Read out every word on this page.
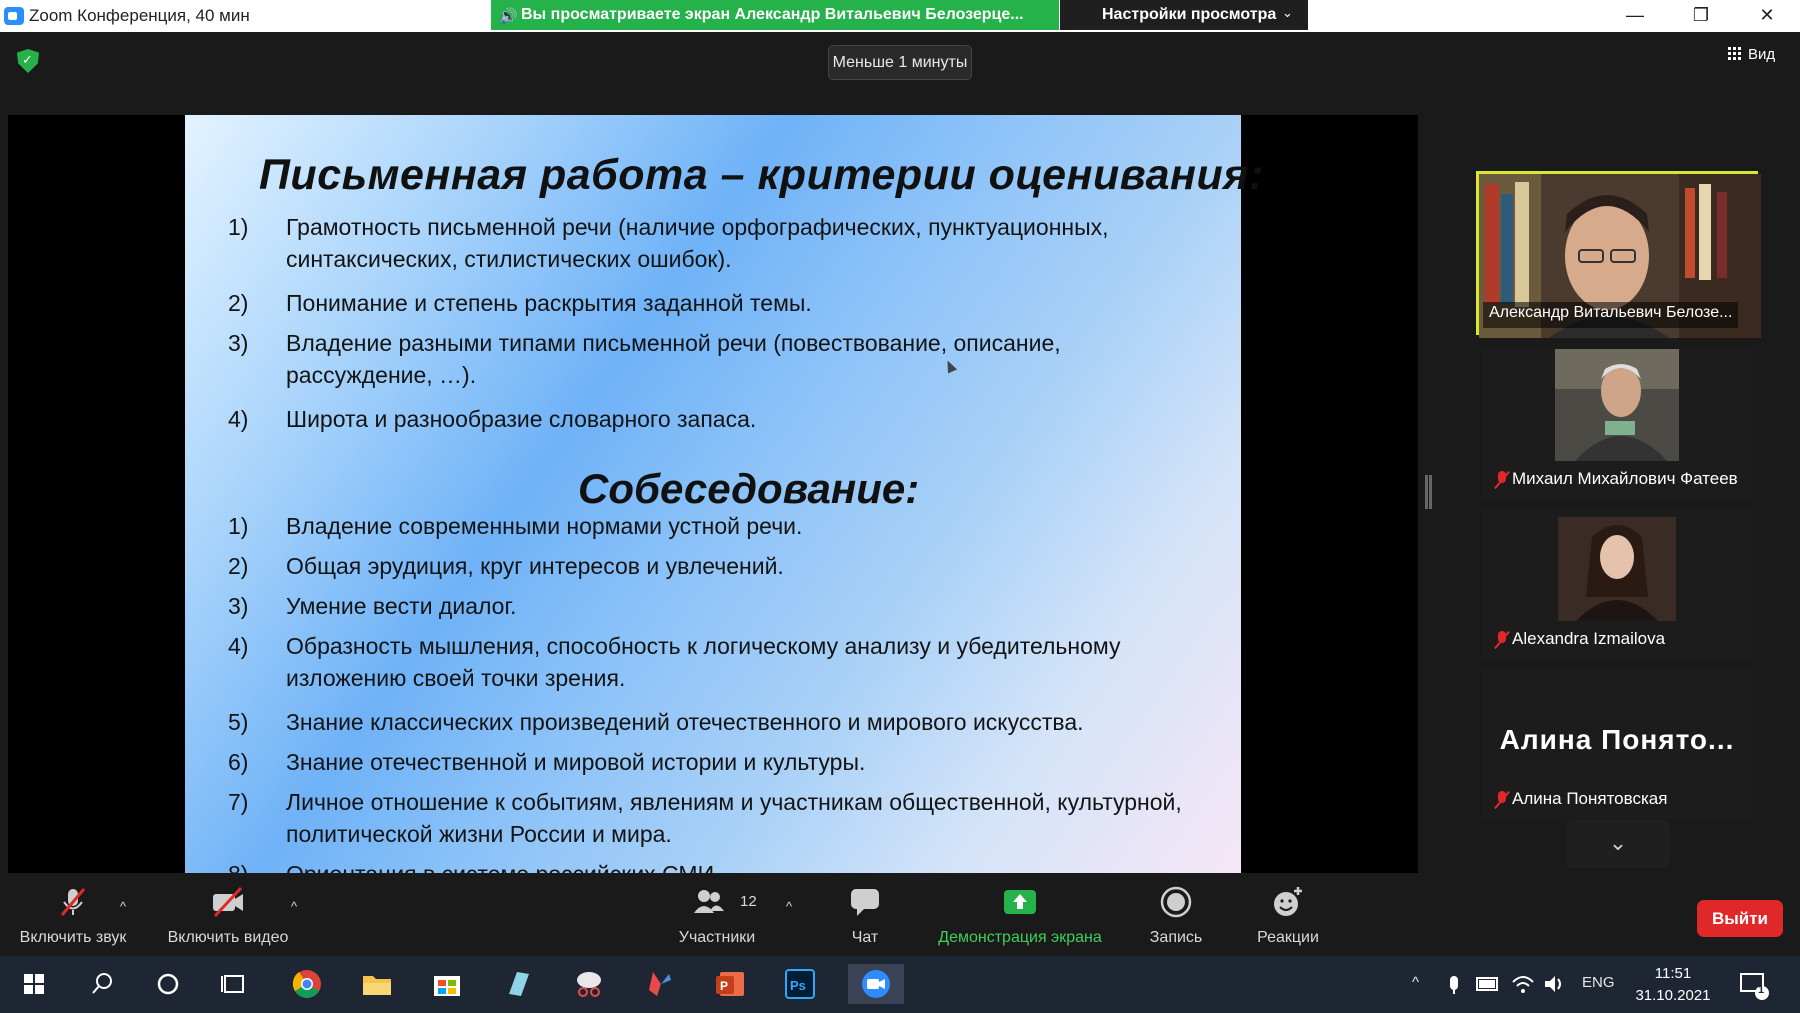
Zoom Конференция, 40 мин	🔊 Вы просматриваете экран Александр Витальевич Белозерце...	Настройки просмотра ⌄	—	❐	✕
✓	Меньше 1 минуты	Вид
Письменная работа – критерии оценивания:
1) Грамотность письменной речи (наличие орфографических, пунктуационных, синтаксических, стилистических ошибок).
2) Понимание и степень раскрытия заданной темы.
3) Владение разными типами письменной речи (повествование, описание, рассуждение, …).
4) Широта и разнообразие словарного запаса.
Собеседование:
1) Владение современными нормами устной речи.
2) Общая эрудиция, круг интересов и увлечений.
3) Умение вести диалог.
4) Образность мышления, способность к логическому анализу и убедительному изложению своей точки зрения.
5) Знание классических произведений отечественного и мирового искусства.
6) Знание отечественной и мировой истории и культуры.
7) Личное отношение к событиям, явлениям и участникам общественной, культурной, политической жизни России и мира.
Александр Витальевич Белозе...
Михаил Михайлович Фатеев
Alexandra Izmailova
Алина Понято...
Алина Понятовская
⌄
Включить звук
^
Включить видео
^	12
Участники
^
Чат	Демонстрация экрана	Запись	Реакции
Выйти
P	Ps	^	ENG
11:51
31.10.2021	1
